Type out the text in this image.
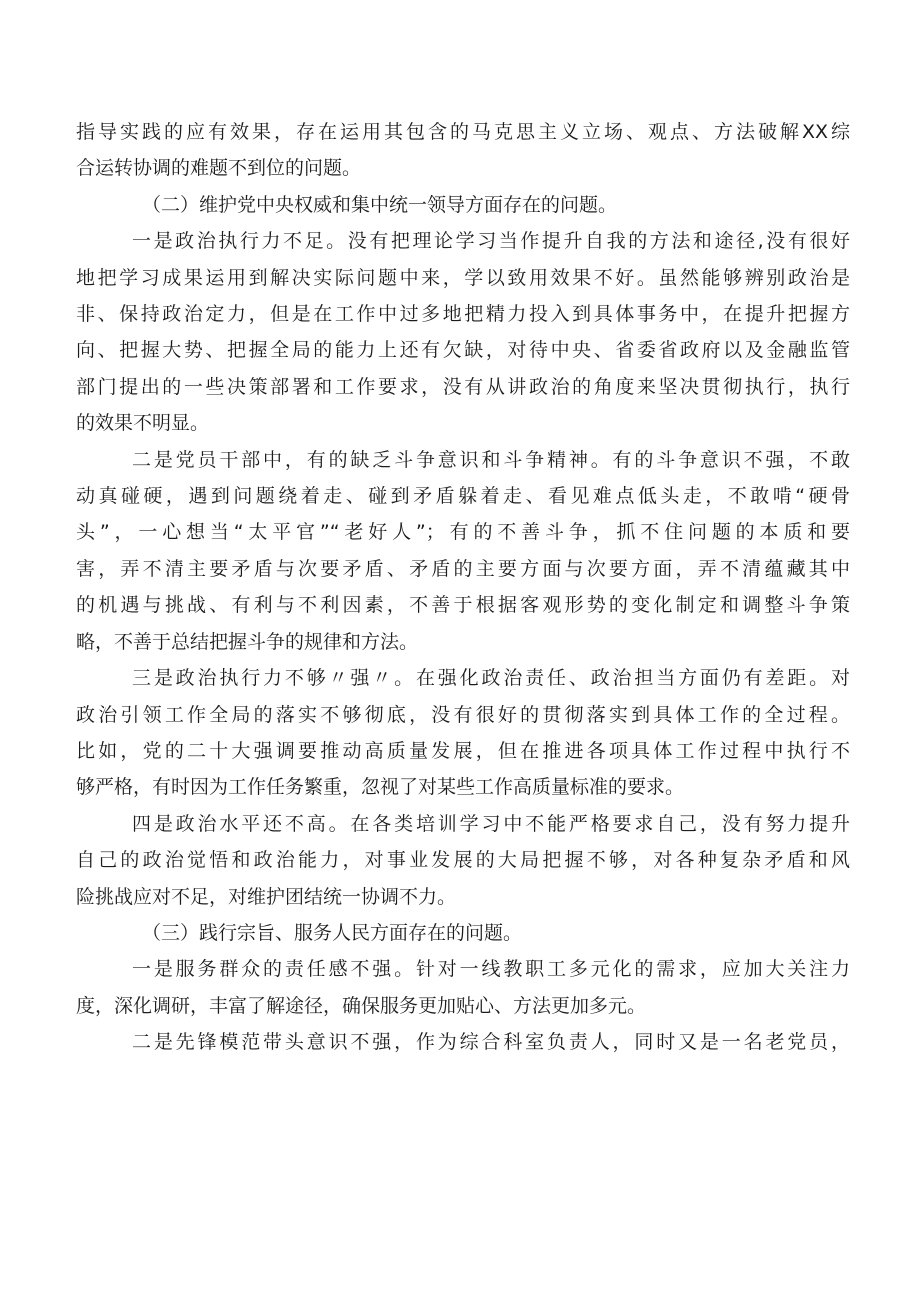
指导实践的应有效果，存在运用其包含的马克思主义立场、观点、方法破解XX综
合运转协调的难题不到位的问题。
（二）维护党中央权威和集中统一领导方面存在的问题。
一是政治执行力不足。没有把理论学习当作提升自我的方法和途径,没有很好
地把学习成果运用到解决实际问题中来，学以致用效果不好。虽然能够辨别政治是
非、保持政治定力，但是在工作中过多地把精力投入到具体事务中，在提升把握方
向、把握大势、把握全局的能力上还有欠缺，对待中央、省委省政府以及金融监管
部门提出的一些决策部署和工作要求，没有从讲政治的角度来坚决贯彻执行，执行
的效果不明显。
二是党员干部中，有的缺乏斗争意识和斗争精神。有的斗争意识不强，不敢
动真碰硬，遇到问题绕着走、碰到矛盾躲着走、看见难点低头走，不敢啃“硬骨
头”，一心想当“太平官”“老好人”；有的不善斗争，抓不住问题的本质和要
害，弄不清主要矛盾与次要矛盾、矛盾的主要方面与次要方面，弄不清蕴藏其中
的机遇与挑战、有利与不利因素，不善于根据客观形势的变化制定和调整斗争策
略，不善于总结把握斗争的规律和方法。
三是政治执行力不够〃强〃。在强化政治责任、政治担当方面仍有差距。对
政治引领工作全局的落实不够彻底，没有很好的贯彻落实到具体工作的全过程。
比如，党的二十大强调要推动高质量发展，但在推进各项具体工作过程中执行不
够严格，有时因为工作任务繁重，忽视了对某些工作高质量标准的要求。
四是政治水平还不高。在各类培训学习中不能严格要求自己，没有努力提升
自己的政治觉悟和政治能力，对事业发展的大局把握不够，对各种复杂矛盾和风
险挑战应对不足，对维护团结统一协调不力。
（三）践行宗旨、服务人民方面存在的问题。
一是服务群众的责任感不强。针对一线教职工多元化的需求，应加大关注力
度，深化调研，丰富了解途径，确保服务更加贴心、方法更加多元。
二是先锋模范带头意识不强，作为综合科室负责人，同时又是一名老党员，
